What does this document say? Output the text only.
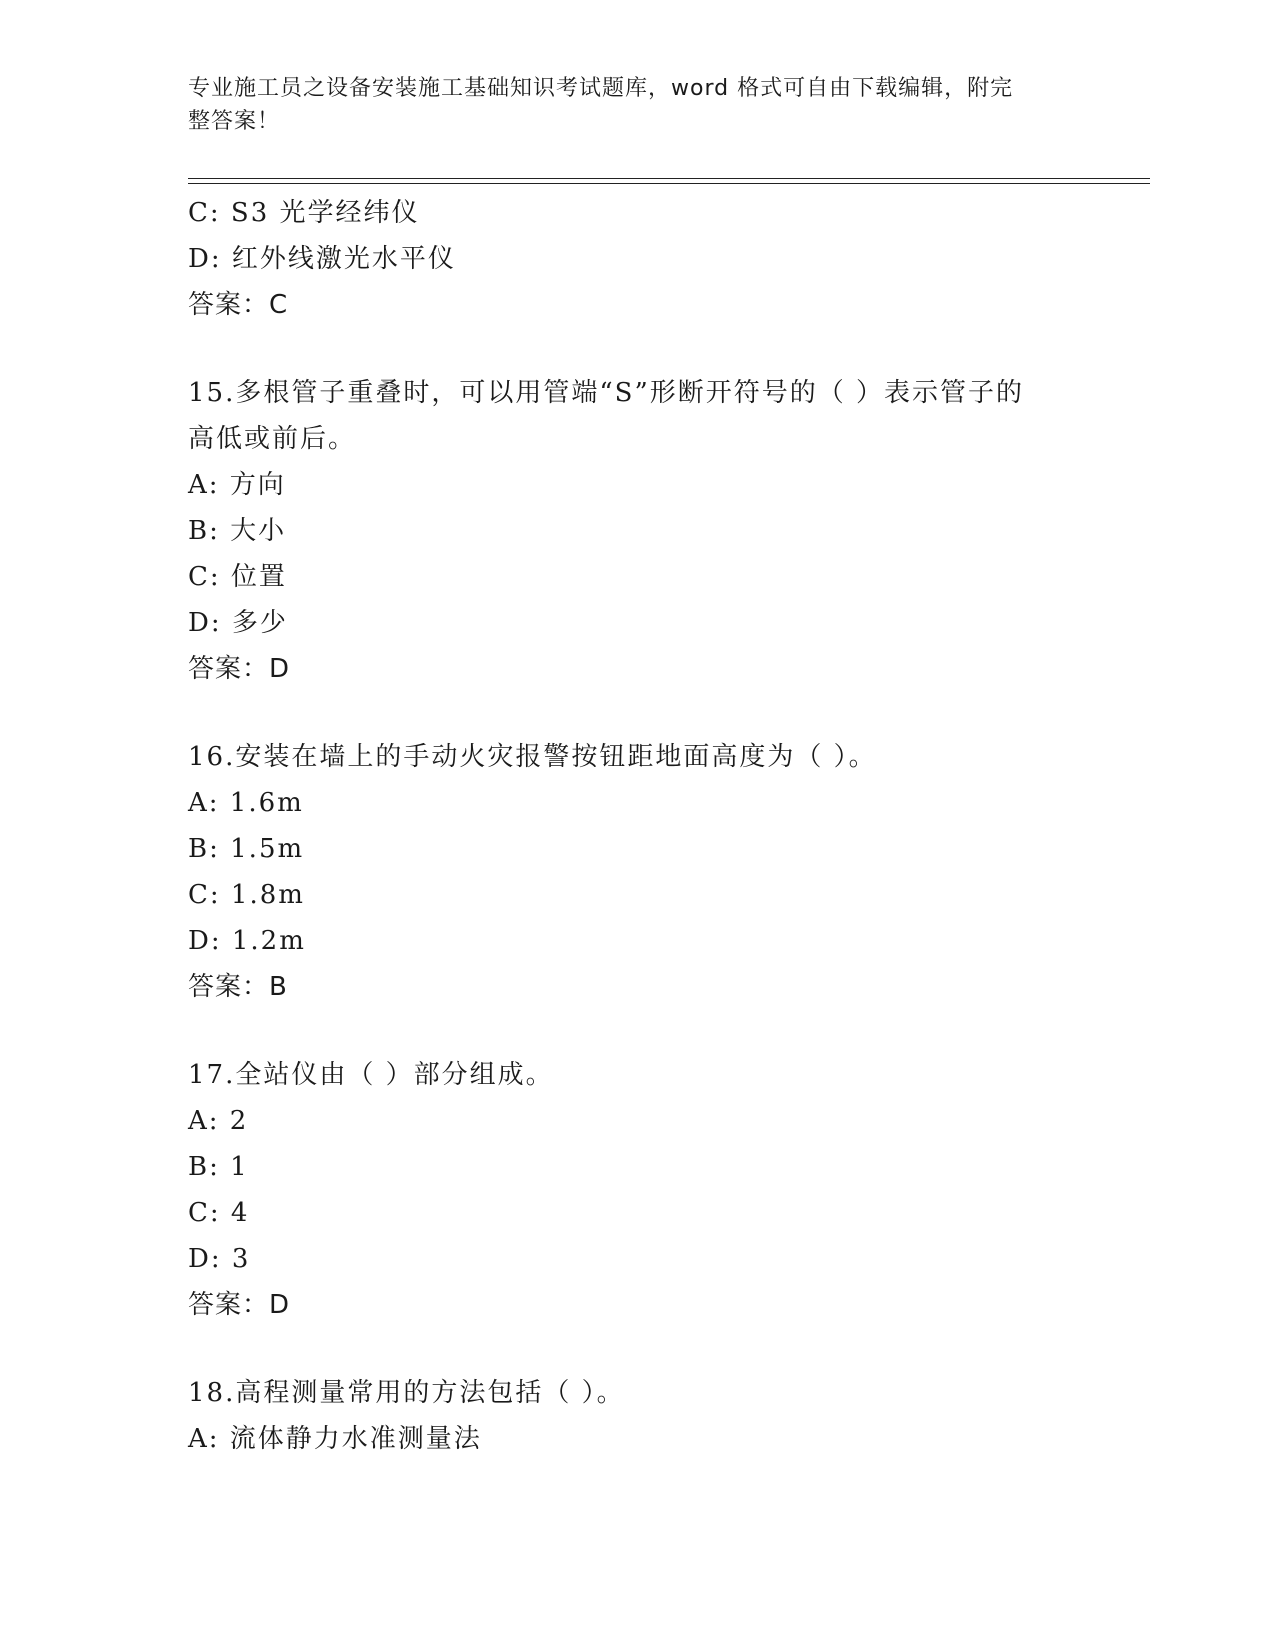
专业施工员之设备安装施工基础知识考试题库，word 格式可自由下载编辑，附完
整答案！
C: S3 光学经纬仪
D: 红外线激光水平仪
答案：C
15.多根管子重叠时，可以用管端“S”形断开符号的（ ）表示管子的
高低或前后。
A: 方向
B: 大小
C: 位置
D: 多少
答案：D
16.安装在墙上的手动火灾报警按钮距地面高度为（ ）。
A: 1.6m
B: 1.5m
C: 1.8m
D: 1.2m
答案：B
17.全站仪由（ ）部分组成。
A: 2
B: 1
C: 4
D: 3
答案：D
18.高程测量常用的方法包括（ ）。
A: 流体静力水准测量法
